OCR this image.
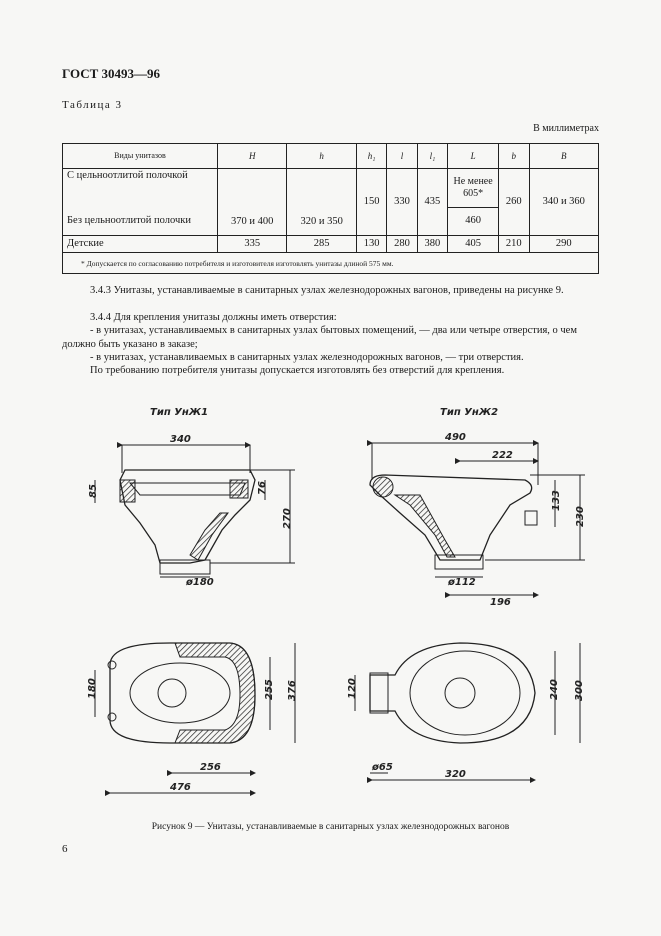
ГОСТ 30493—96
Таблица 3
В миллиметрах
Виды унитазов	H	h	h₁	l	l₁	L	b	B
С цельноотлитой полочкой	370 и 400	320 и 350	150	330	435	Не менее 605*	260	340 и 360
Без цельноотлитой полочки						460		
Детские	335	285	130	280	380	405	210	290
* Допускается по согласованию потребителя и изготовителя изготовлять унитазы длиной 575 мм.								
3.4.3 Унитазы, устанавливаемые в санитарных узлах железнодорожных вагонов, приведены на рисунке 9.
3.4.4 Для крепления унитазы должны иметь отверстия:
- в унитазах, устанавливаемых в санитарных узлах бытовых помещений, — два или четыре отверстия, о чем должно быть указано в заказе;
- в унитазах, устанавливаемых в санитарных узлах железнодорожных вагонов, — три отверстия.
По требованию потребителя унитазы допускается изготовлять без отверстий для крепления.
Тип УнЖ1	Тип УнЖ2
340
85	76
270
ø180
490
222
133
230
ø112
196
180	255 376
256
476
120	240 300
ø65
320
Рисунок 9 — Унитазы, устанавливаемые в санитарных узлах железнодорожных вагонов
6
